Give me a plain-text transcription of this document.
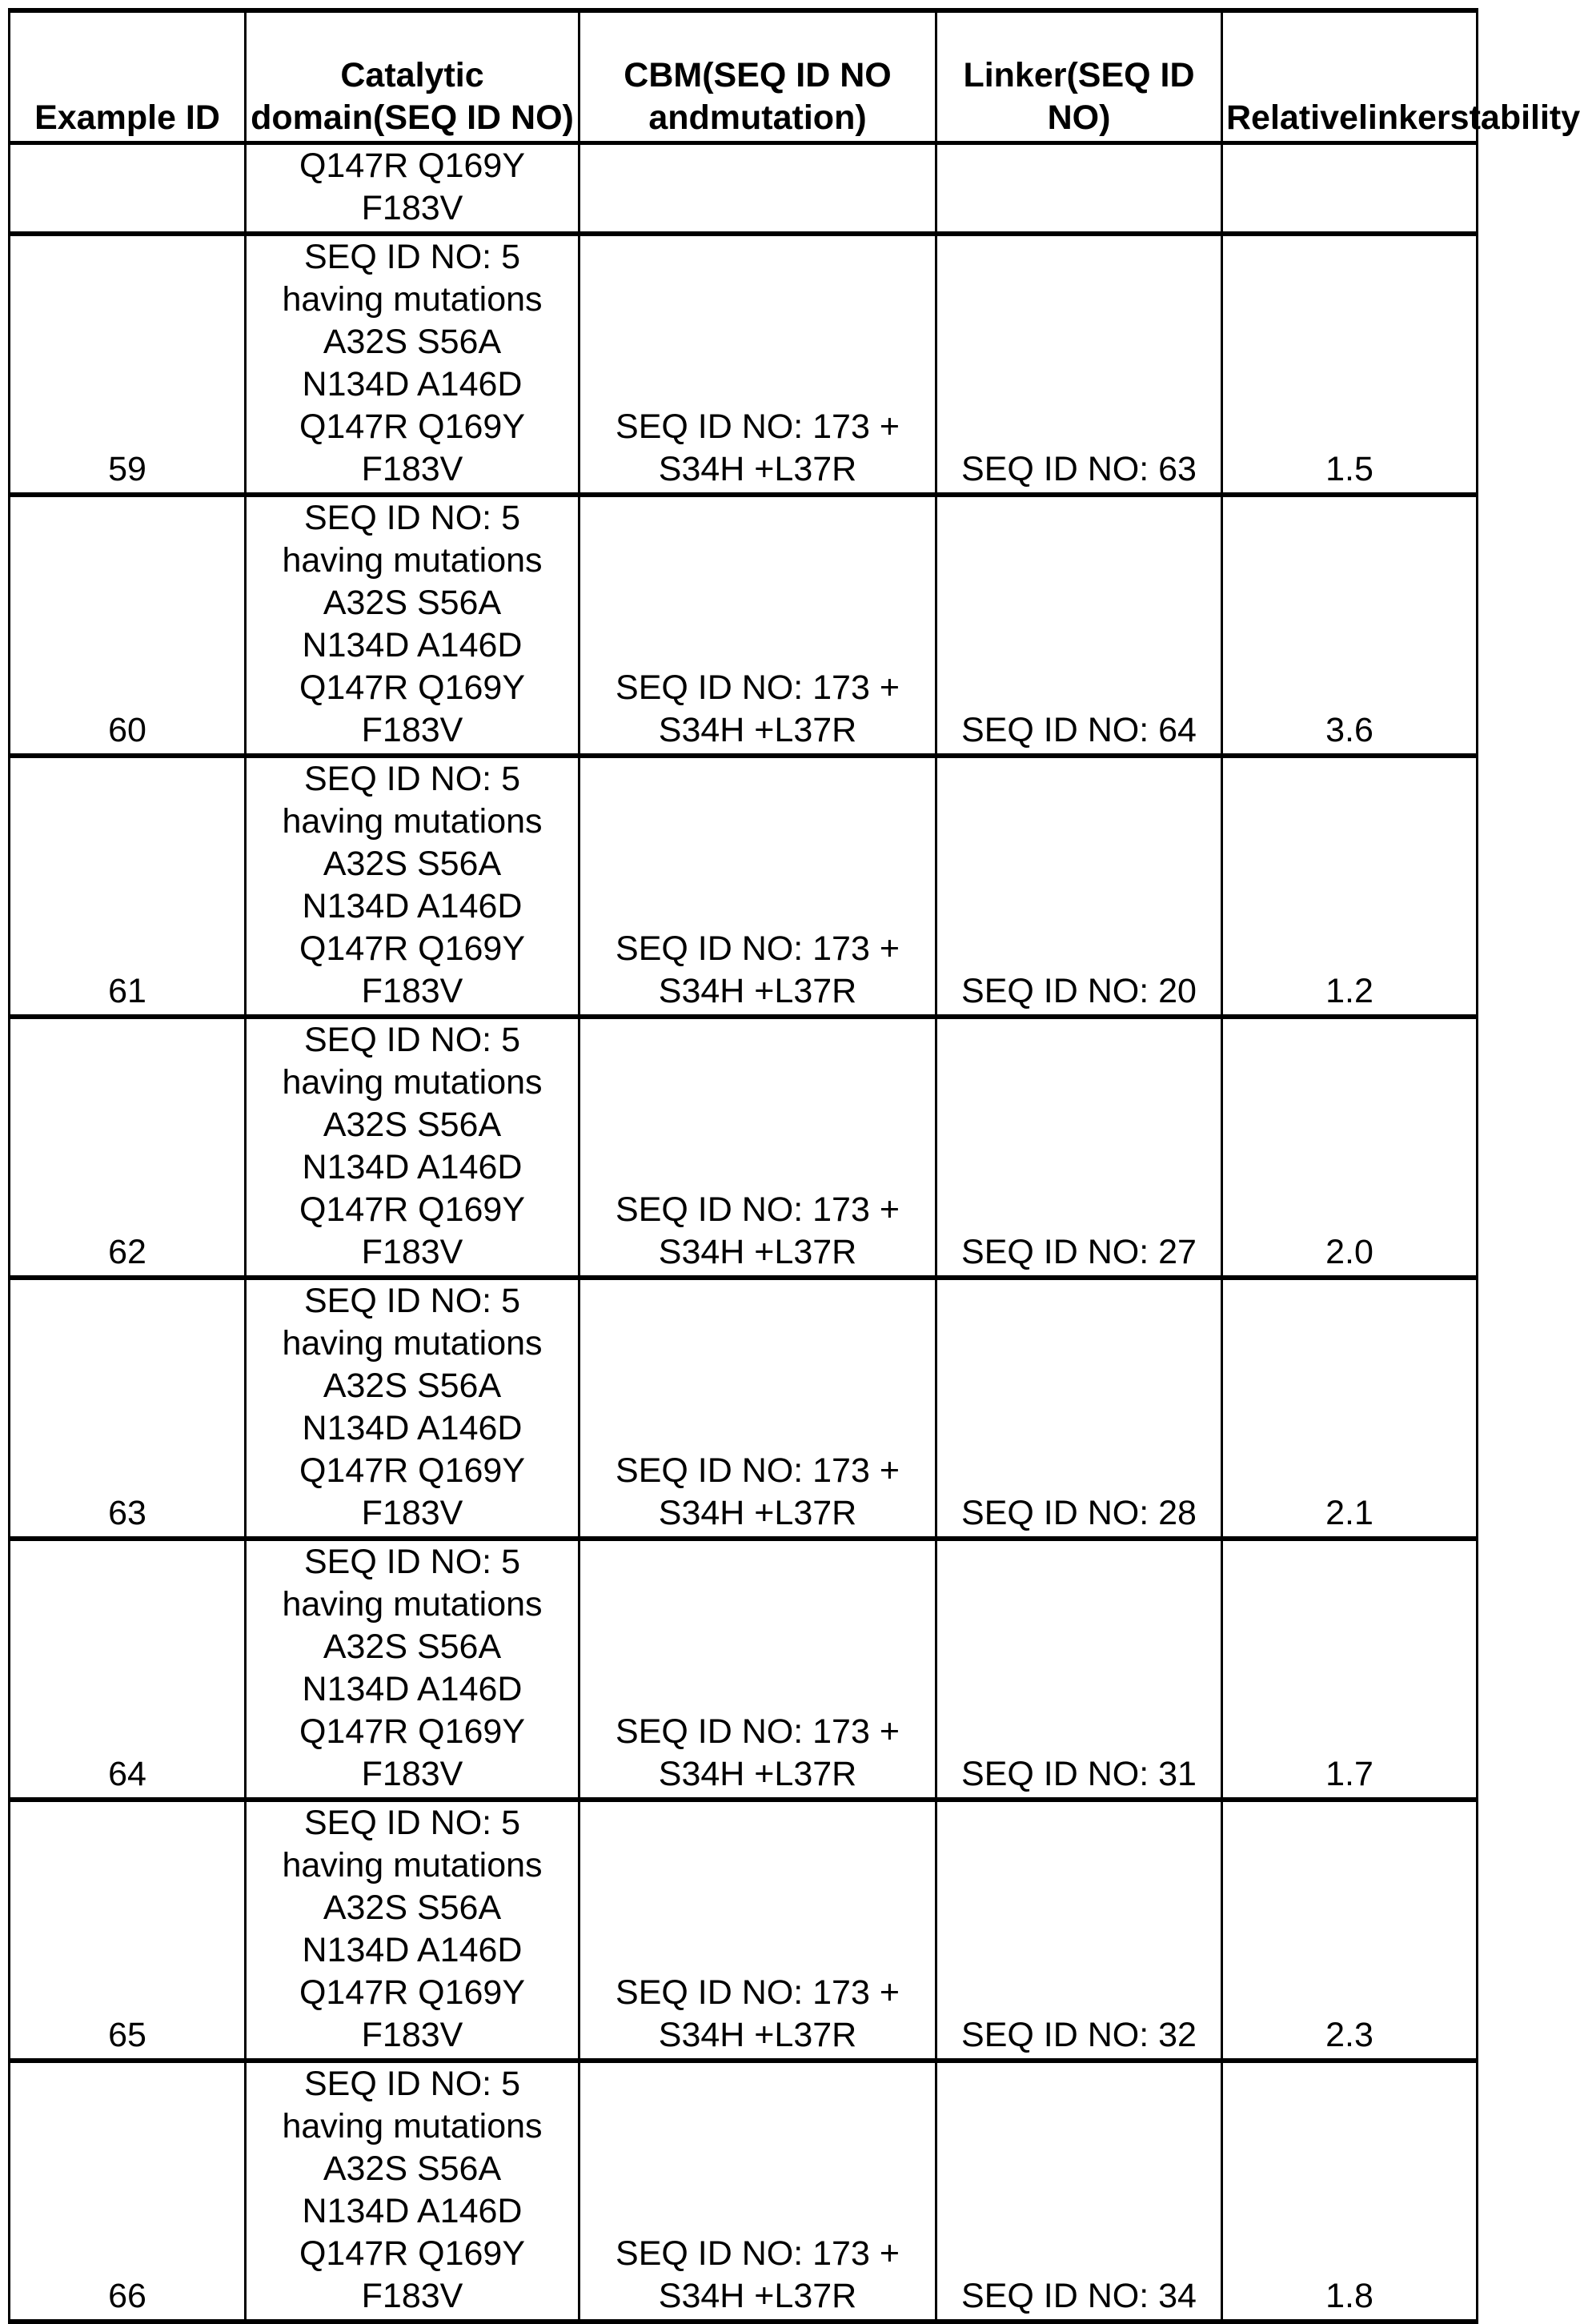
Example ID	Catalytic domain(SEQ ID NO)	CBM(SEQ ID NO andmutation)	Linker(SEQ ID NO)	Relativelinkerstability

Q147R Q169Y
F183V

59	
SEQ ID NO: 5
having mutations
A32S S56A
N134D A146D
Q147R Q169Y
F183V

SEQ ID NO: 173 +
S34H +L37R	SEQ ID NO: 63	1.5
60	
SEQ ID NO: 5
having mutations
A32S S56A
N134D A146D
Q147R Q169Y
F183V

SEQ ID NO: 173 +
S34H +L37R	SEQ ID NO: 64	3.6
61	
SEQ ID NO: 5
having mutations
A32S S56A
N134D A146D
Q147R Q169Y
F183V

SEQ ID NO: 173 +
S34H +L37R	SEQ ID NO: 20	1.2
62	
SEQ ID NO: 5
having mutations
A32S S56A
N134D A146D
Q147R Q169Y
F183V

SEQ ID NO: 173 +
S34H +L37R	SEQ ID NO: 27	2.0
63	
SEQ ID NO: 5
having mutations
A32S S56A
N134D A146D
Q147R Q169Y
F183V

SEQ ID NO: 173 +
S34H +L37R	SEQ ID NO: 28	2.1
64	
SEQ ID NO: 5
having mutations
A32S S56A
N134D A146D
Q147R Q169Y
F183V

SEQ ID NO: 173 +
S34H +L37R	SEQ ID NO: 31	1.7
65	
SEQ ID NO: 5
having mutations
A32S S56A
N134D A146D
Q147R Q169Y
F183V

SEQ ID NO: 173 +
S34H +L37R	SEQ ID NO: 32	2.3
66	
SEQ ID NO: 5
having mutations
A32S S56A
N134D A146D
Q147R Q169Y
F183V

SEQ ID NO: 173 +
S34H +L37R	SEQ ID NO: 34	1.8
